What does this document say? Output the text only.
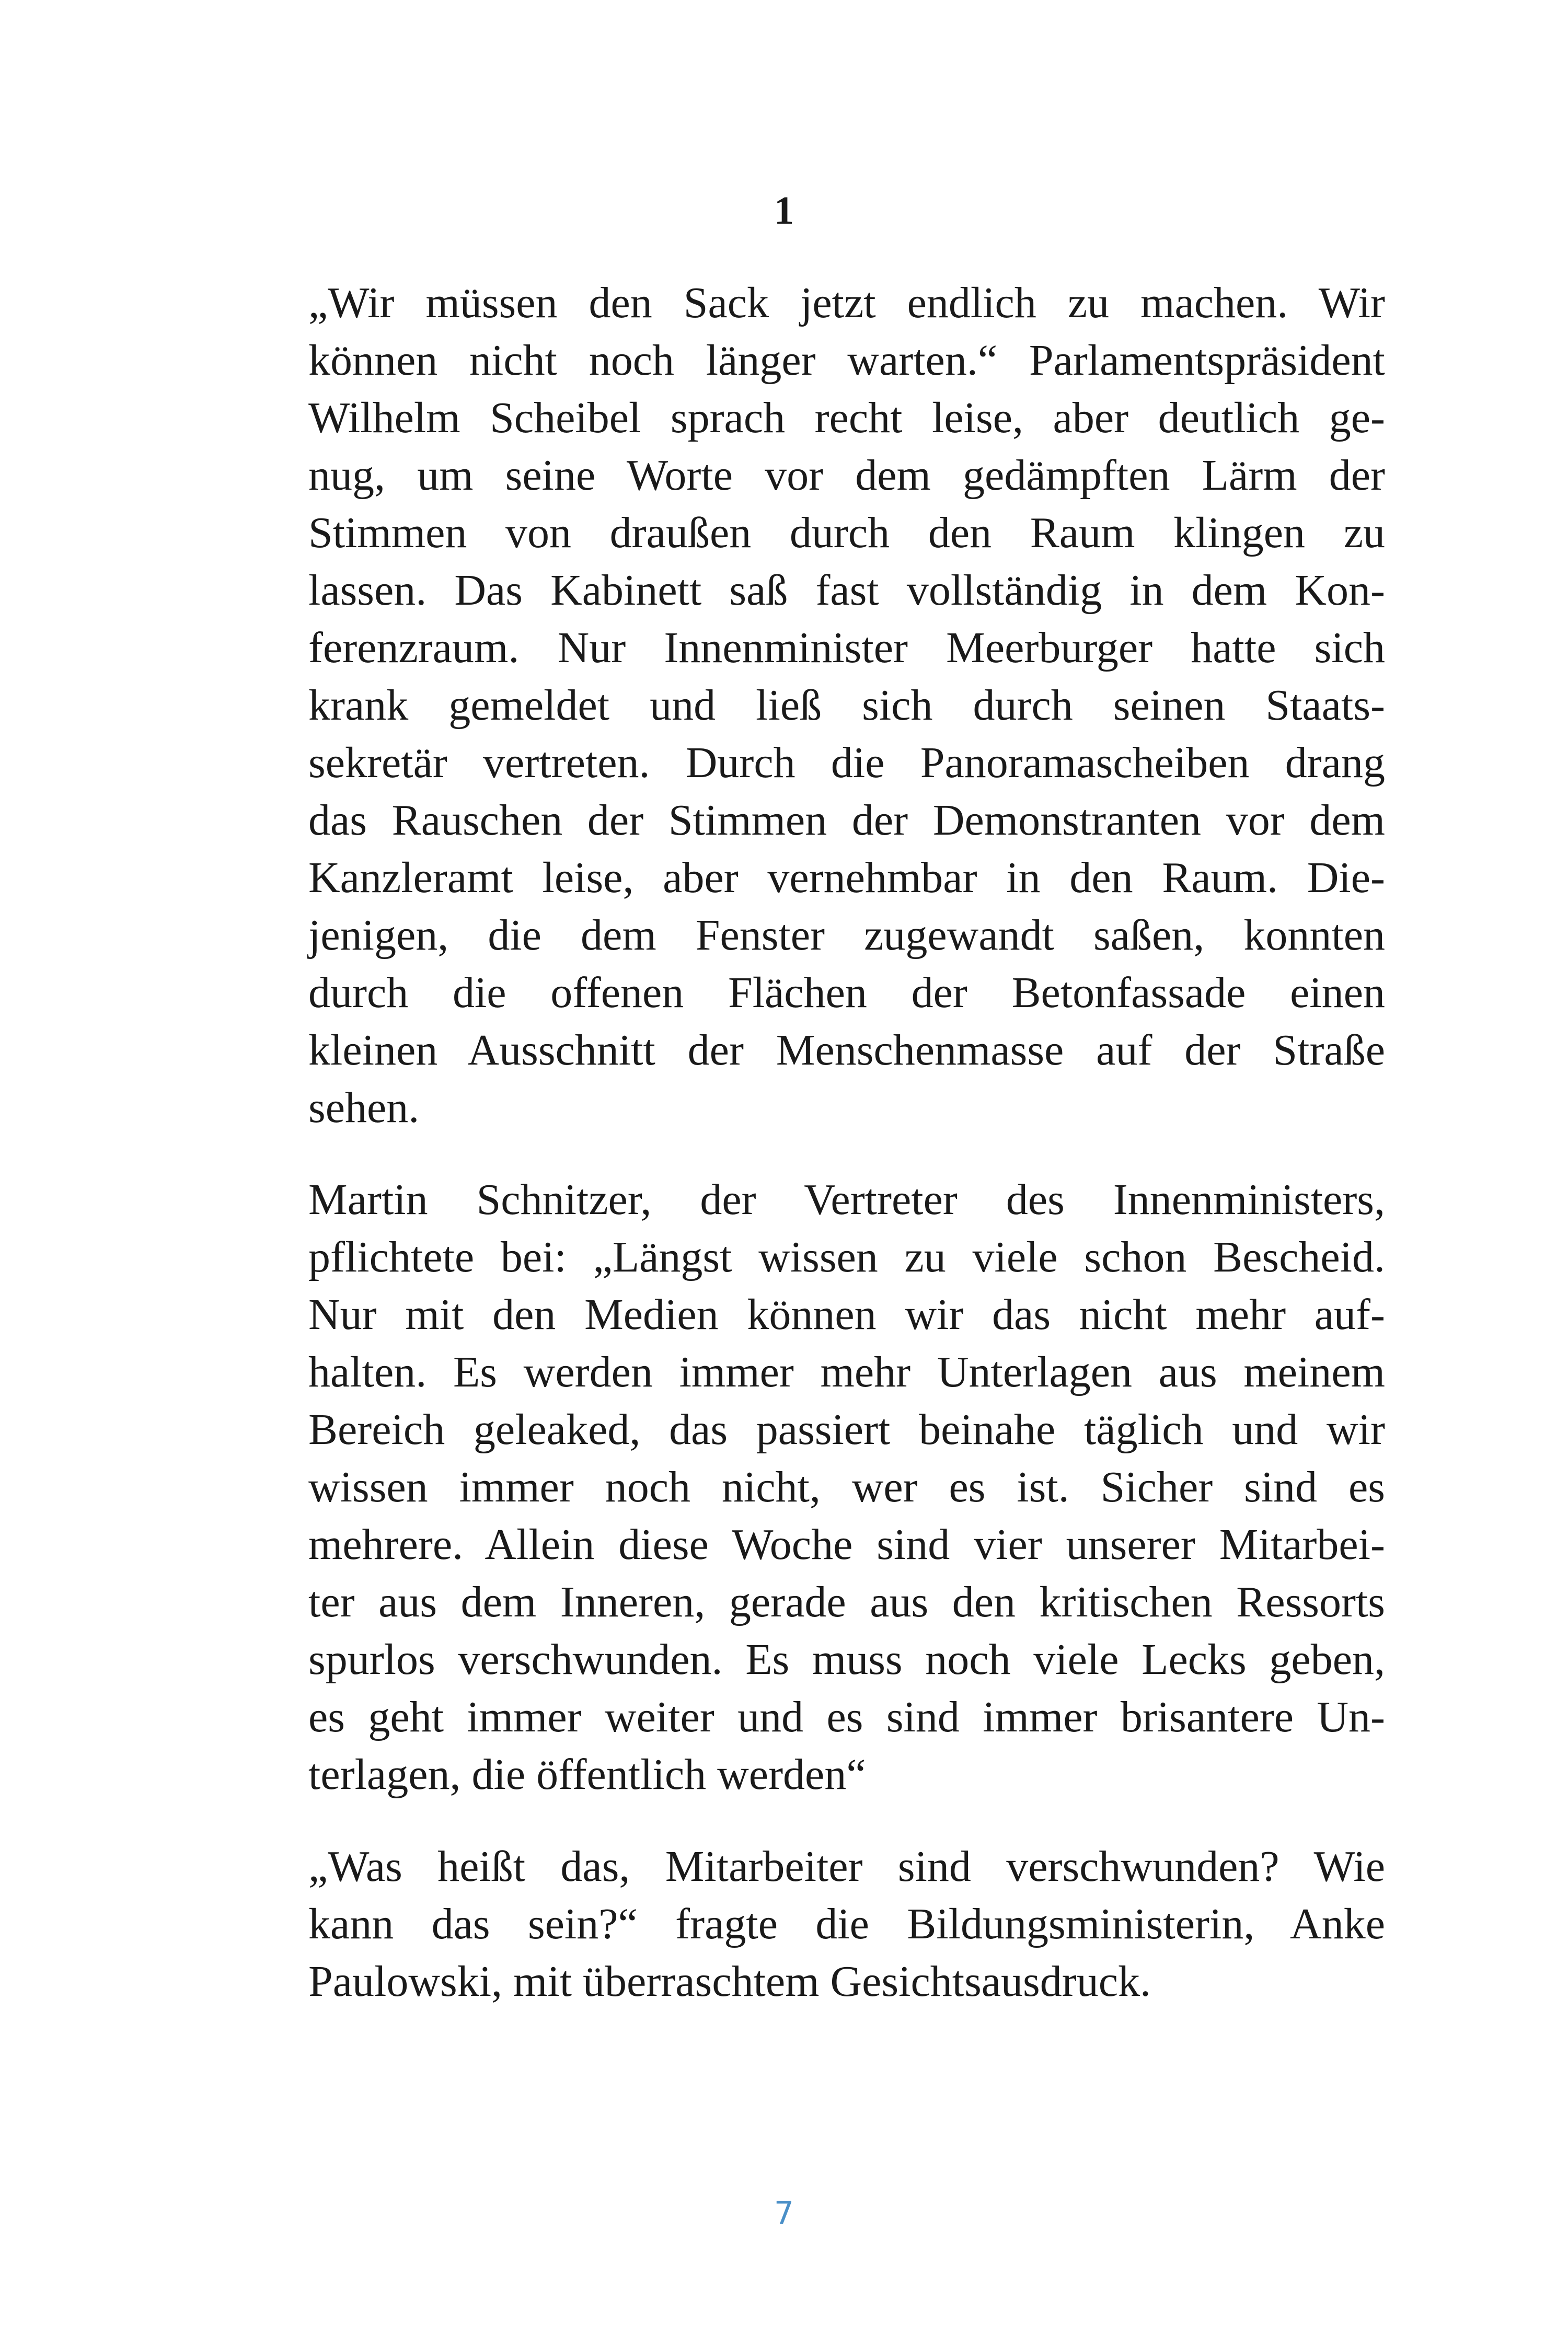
1

„Wir müssen den Sack jetzt endlich zu machen. Wir
können nicht noch länger warten.“ Parlamentspräsident
Wilhelm Scheibel sprach recht leise, aber deutlich ge-
nug, um seine Worte vor dem gedämpften Lärm der
Stimmen von draußen durch den Raum klingen zu
lassen. Das Kabinett saß fast vollständig in dem Kon-
ferenzraum. Nur Innenminister Meerburger hatte sich
krank gemeldet und ließ sich durch seinen Staats-
sekretär vertreten. Durch die Panoramascheiben drang
das Rauschen der Stimmen der Demonstranten vor dem
Kanzleramt leise, aber vernehmbar in den Raum. Die-
jenigen, die dem Fenster zugewandt saßen, konnten
durch die offenen Flächen der Betonfassade einen
kleinen Ausschnitt der Menschenmasse auf der Straße
sehen.

Martin Schnitzer, der Vertreter des Innenministers,
pflichtete bei: „Längst wissen zu viele schon Bescheid.
Nur mit den Medien können wir das nicht mehr auf-
halten. Es werden immer mehr Unterlagen aus meinem
Bereich geleaked, das passiert beinahe täglich und wir
wissen immer noch nicht, wer es ist. Sicher sind es
mehrere. Allein diese Woche sind vier unserer Mitarbei-
ter aus dem Inneren, gerade aus den kritischen Ressorts
spurlos verschwunden. Es muss noch viele Lecks geben,
es geht immer weiter und es sind immer brisantere Un-
terlagen, die öffentlich werden“

„Was heißt das, Mitarbeiter sind verschwunden? Wie
kann das sein?“ fragte die Bildungsministerin, Anke
Paulowski, mit überraschtem Gesichtsausdruck.

7
